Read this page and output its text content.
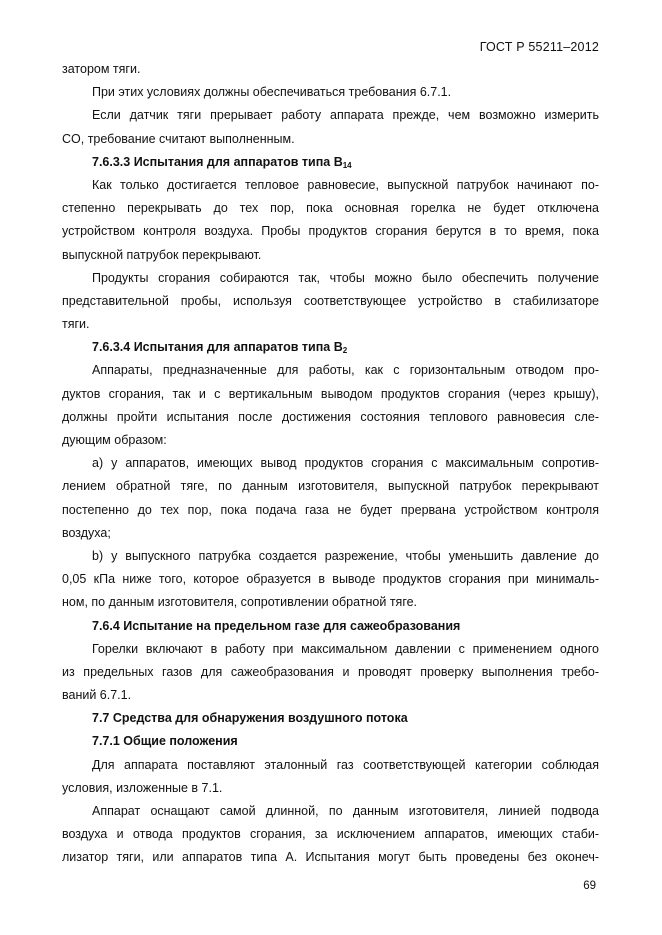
ГОСТ Р 55211–2012
затором тяги.
При этих условиях должны обеспечиваться требования 6.7.1.
Если датчик тяги прерывает работу аппарата прежде, чем возможно измерить
CO, требование считают выполненным.
7.6.3.3 Испытания для аппаратов типа $B_{14}$
Как только достигается тепловое равновесие, выпускной патрубок начинают по-
степенно перекрывать до тех пор, пока основная горелка не будет отключена
устройством контроля воздуха. Пробы продуктов сгорания берутся в то время, пока
выпускной патрубок перекрывают.
Продукты сгорания собираются так, чтобы можно было обеспечить получение
представительной пробы, используя соответствующее устройство в стабилизаторе
тяги.
7.6.3.4 Испытания для аппаратов типа $B_2$
Аппараты, предназначенные для работы, как с горизонтальным отводом про-
дуктов сгорания, так и с вертикальным выводом продуктов сгорания (через крышу),
должны пройти испытания после достижения состояния теплового равновесия сле-
дующим образом:
а) у аппаратов, имеющих вывод продуктов сгорания с максимальным сопротив-
лением обратной тяге, по данным изготовителя, выпускной патрубок перекрывают
постепенно до тех пор, пока подача газа не будет прервана устройством контроля
воздуха;
b) у выпускного патрубка создается разрежение, чтобы уменьшить давление до
0,05 кПа ниже того, которое образуется в выводе продуктов сгорания при минималь-
ном, по данным изготовителя, сопротивлении обратной тяге.
7.6.4 Испытание на предельном газе для сажеобразования
Горелки включают в работу при максимальном давлении с применением одного
из предельных газов для сажеобразования и проводят проверку выполнения требо-
ваний 6.7.1.
7.7 Средства для обнаружения воздушного потока
7.7.1 Общие положения
Для аппарата поставляют эталонный газ соответствующей категории соблюдая
условия, изложенные в 7.1.
Аппарат оснащают самой длинной, по данным изготовителя, линией подвода
воздуха и отвода продуктов сгорания, за исключением аппаратов, имеющих стаби-
лизатор тяги, или аппаратов типа А. Испытания могут быть проведены без оконеч-
69
